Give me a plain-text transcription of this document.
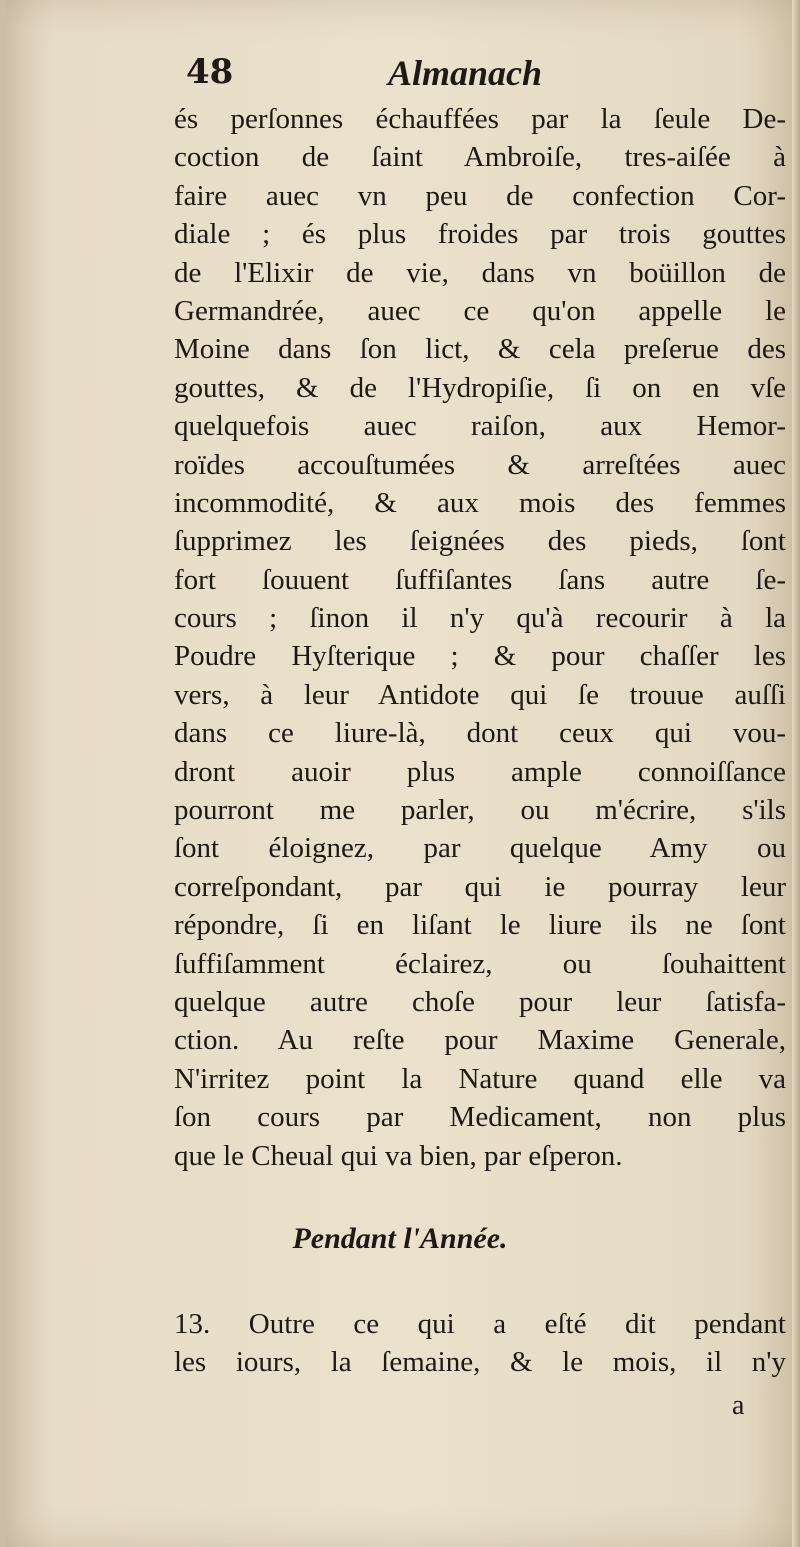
48	Almanach
és perſonnes échauffées par la ſeule De-
coction de ſaint Ambroiſe, tres-aiſée à
faire auec vn peu de confection Cor-
diale ; és plus froides par trois gouttes
de l'Elixir de vie, dans vn boüillon de
Germandrée, auec ce qu'on appelle le
Moine dans ſon lict, & cela preſerue des
gouttes, & de l'Hydropiſie, ſi on en vſe
quelquefois auec raiſon, aux Hemor-
roïdes accouſtumées & arreſtées auec
incommodité, & aux mois des femmes
ſupprimez les ſeignées des pieds, ſont
fort ſouuent ſuffiſantes ſans autre ſe-
cours ; ſinon il n'y qu'à recourir à la
Poudre Hyſterique ; & pour chaſſer les
vers, à leur Antidote qui ſe trouue auſſi
dans ce liure-là, dont ceux qui vou-
dront auoir plus ample connoiſſance
pourront me parler, ou m'écrire, s'ils
ſont éloignez, par quelque Amy ou
correſpondant, par qui ie pourray leur
répondre, ſi en liſant le liure ils ne ſont
ſuffiſamment éclairez, ou ſouhaittent
quelque autre choſe pour leur ſatisfa-
ction. Au reſte pour Maxime Generale,
N'irritez point la Nature quand elle va
ſon cours par Medicament, non plus
que le Cheual qui va bien, par eſperon.
Pendant l'Année.
13. Outre ce qui a eſté dit pendant
les iours, la ſemaine, & le mois, il n'y
a
